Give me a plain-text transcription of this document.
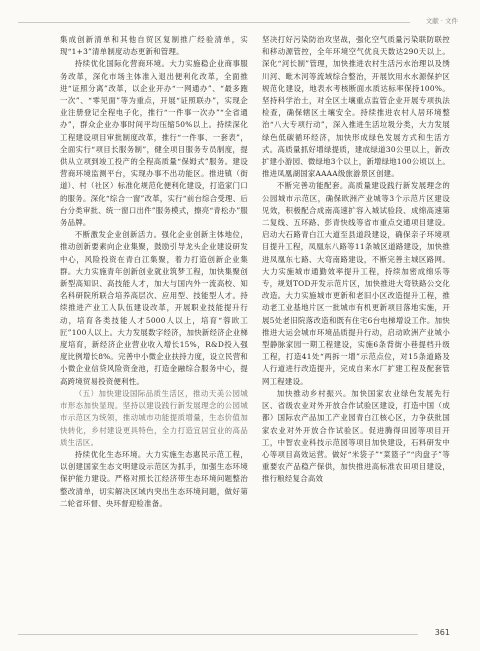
文献 · 文件

集成创新清单和其他自贸区复制推广经验清单，实现“1+3”清单制度动态更新和管理。

持续优化国际化营商环境。大力实施稳企业商事服务改革，深化市场主体准入退出便利化改革，全面推进“证照分离”改革，以企业开办“一网通办”、“最多跑一次”、“零见面”等为重点，开展“证照联办”，实现企业注册登记全程电子化，推行“一件事一次办”“全省通办”，群众企业办事时间平均压缩50%以上。持续深化工程建设项目审批制度改革，推行“一件事、一套表”，全面实行“项目长服务制”，健全项目服务专员制度，提供从立项到竣工投产的全程高质量“保姆式”服务。建设营商环境监测平台，实现办事不出功能区。推进镇（街道）、村（社区）标准化规范化便利化建设，打造家门口的服务。深化“综合一窗”改革，实行“前台综合受理、后台分类审批、统一窗口出件”服务模式，擦亮“青松办”服务品牌。

不断激发企业创新活力。强化企业创新主体地位，推动创新要素向企业集聚，鼓励引导龙头企业建设研发中心，风险投资在青白江集聚，着力打造创新企业集群。大力实施青年创新创业就业筑梦工程，加快集聚创新型高知识、高技能人才，加大与国内外一流高校、知名科研院所联合培养高层次、应用型、技能型人才。持续推进产业工人队伍建设改革，开展职业技能提升行动，培育各类技能人才5000人以上，培育“蓉欧工匠”100人以上。大力发展数字经济，加快新经济企业梯度培育，新经济企业营业收入增长15%，R&D投入强度比例增长8%。完善中小微企业扶持力度，设立民营和小微企业信贷风险资金池，打造金融综合服务中心，提高跨境贸易投资便利性。

（五）加快建设国际品质生活区，推动天美公园城市形态加快显现。坚持以建设践行新发展理念的公园城市示范区为统领，推动城市功能提质增量，生态价值加快转化，乡村建设更具特色，全力打造宜居宜业的高品质生活区。

持续优化生态环境。大力实施生态惠民示范工程，以创建国家生态文明建设示范区为抓手，加强生态环境保护能力建设。严格对照长江经济带生态环境问题整治整改清单，切实解决区域内突出生态环境问题，做好第二轮省环督、央环督迎检准备。

坚决打好污染防治攻坚战，强化空气质量污染联防联控和移动源管控，全年环境空气优良天数达290天以上。深化“河长制”管理，加快推进农村生活污水治理以及绣川河、毗木河等流域综合整治，开展饮用水水源保护区规范化建设，地表水考核断面水质达标率保持100%。坚持科学治土，对全区土壤重点监管企业开展专项执法检查，确保辖区土壤安全。持续推进农村人居环境整治“八大专项行动”，深入推进生活垃圾分类，大力发展绿色低碳循环经济，加快形成绿色发展方式和生活方式。高质量抓好增绿提质，建成绿道30公里以上，新改扩建小游园、微绿地3个以上，新增绿地100公顷以上。推进凤凰湖国家AAAA级旅游景区创建。

不断完善功能配套。高质量建设践行新发展理念的公园城市示范区，确保欧洲产业城等3个示范片区建设见效，积极配合成南高速扩容入城试验段、成绵高速第二复线、五环路、彭青快线等省市重点交通项目建设。启动大石路青白江大道至县道段建设，确保亲子环境项目提升工程，凤凰东八路等11条城区道路建设，加快推进凤凰东七路、大弯南路建设，不断完善主城区路网。大力实施城市通勤效率提升工程，持续加密成绵乐等专，规划TOD开发示范片区，加快推进大弯铁路公交化改造。大力实施城市更新和老旧小区改造提升工程，推动老工业基地片区一批城市有机更新项目落地实施，开展5处老旧院落改造和既有住宅6台电梯增设工作。加快推进大运会城市环境品质提升行动，启动欧洲产业城小型静脉家园一期工程建设，实施6条背街小巷提档升级工程，打造41处“两拆一增”示范点位，对15条道路及人行道进行改造提升，完成自来水厂扩建工程及配套管网工程建设。

加快推动乡村振兴。加快国家农业绿色发展先行区、省级农业对外开放合作试验区建设，打造中国（成都）国际农产品加工产业园青白江核心区，力争获批国家农业对外开放合作试验区。促进腾得田园等项目开工，中智农业科技示范园等项目加快建设，石料研发中心等项目高效运营。做好“米袋子”“菜篮子”“肉盘子”等重要农产品稳产保供，加快推进高标准农田项目建设，推行粮经复合高效

361
